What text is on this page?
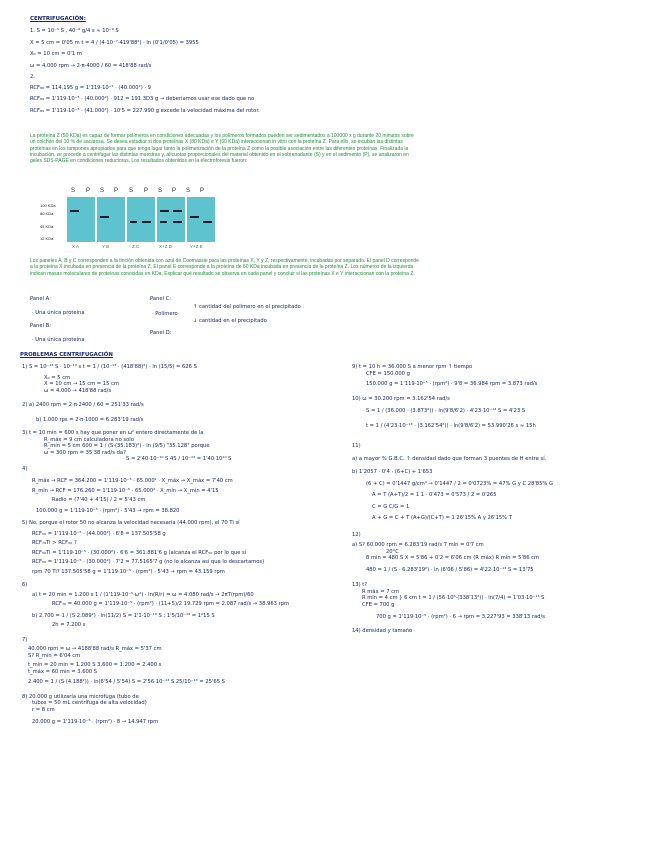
CENTRIFUGACIÓN:
1. S = 10⁻⁵ S , 40⁻⁹ g/4 s ≈ 10⁻⁹ S
X = 5 cm = 0'05 m t = 4 / (4·10⁻⁷·419'88²) · ln (0'1/0'05) = 3955
X₀ = 10 cm = 0'1 m
ω = 4.000 rpm → 2·π·4000 / 60 = 418'88 rad/s
2.
RCF₈₀ = 114,195 g = 1'119·10⁻⁵ · (40.000²) · 9
RCF₈₀ = 1'119·10⁻⁵ · (40.000²) · 912 = 191.3D3 g → deberíamos usar ese dado que no
RCF₈₀ = 1'119·10⁻⁵ · (41.000²) · 10'5 = 227.990 g excede la velocidad máxima del rotor.
La proteína Z (50 KDa) es capaz de formar polímeros en condiciones adecuadas y los polímeros formados pueden ser sedimentados a 100000 x g durante 20 minutos sobre un colchón del 10 % de sacarosa. Se desea estudiar si dos proteínas X (80 KDa) e Y (60 KDa) interaccionan in vitro con la proteína Z. Para ello, se incuban las distintas proteínas en los tampones apropiados para que tenga lugar tanto la polimerización de la proteína Z como la posible asociación entre las diferentes proteínas. Finalizada la incubación, se procede a centrifugar las distintas muestras y, alícuotas proporcionales del material obtenido en el sobrenadante (S) y en el sedimento (P), se analizaron en geles SDS-PAGE en condiciones reductoras. Los resultados obtenidos en la electroforesis fueron:
S P S P S P S P S P
100 KDa
80 KDa
45 KDa
12 KDa
X A	Y B	Z C	X+Z D	Y+Z E
Los paneles A, B y C corresponden a la tinción obtenida con azul de Coomassie para las proteínas X, Y y Z, respectivamente, incubadas por separado. El panel D corresponde a la proteína X incubada en presencia de la proteína Z. El panel E corresponde a la proteína de 60 KDa incubada en presencia de la proteína Z. Los números de la izquierda indican masas moleculares de proteínas conocidas en KDa. Explicar qué resultado se observa en cada panel y concluir si las proteínas X e Y interaccionan con la proteína Z.
Panel A:
· Una única proteína
Panel B:
· Una única proteína
Panel C:
· Polímero
↑ cantidad del polímero en el precipitado
↓ cantidad en el precipitado
Panel D:
PROBLEMAS CENTRIFUGACIÓN
1) S = 10⁻¹³ S · 10⁻¹³ s t = 1 / (10⁻¹³ · (418'88)²) · ln (15/5) = 626 S
X₀ = 5 cm
X = 10 cm → 15 cm = 15 cm
ω = 4.000 → 418'88 rad/s
2) a) 2400 rpm = 2·π·2400 / 60 = 251'33 rad/s
b) 1.000 rps = 2·π·1000 = 6.283'19 rad/s
3) t = 10 min = 600 s hay que poner en ω² entero directamente de la
R_máx = 9 cm calculadora no solo
R_mín = 5 cm 600 = 1 / (S·(35.183)²) · ln (9/5) "35.128" porque
ω = 300 rpm = 35'38 rad/s da?
S = 2'40·10⁻¹⁰ S 4S / 10⁻¹³ = 1'40·10¹⁰ S
4)
R_máx → RCF = 364.200 = 1'119·10⁻⁵ · 65.000² · X_máx → X_máx = 7'40 cm
R_mín → RCF = 176.260 = 1'119·10⁻⁵ · 65.000² · X_mín → X_mín = 4'15
Radio = (7'40 + 4'15) / 2 = 5'43 cm
100.000 g = 1'119·10⁻⁵ · (rpm²) · 5'43 → rpm = 38.820
5) No, porque el rotor 50 no alcanza la velocidad necesaria (44.000 rpm), el 70 Ti sí
RCF₅₀ = 1'119·10⁻⁵ · (44.000²) · 6'8 = 137.505'58 g
RCF₇₀Ti > RCF₅₀ ?
RCF₅₀Ti = 1'119·10⁻⁵ · (30.000²) · 6'6 = 361.881'6 g (alcanza el RCF₅₀ por lo que sí
RCF₅₀ = 1'119·10⁻⁵ · (30.000²) · 7'2 = 77.5165'7 g (no lo alcanza así que lo descartamos)
rpm 70 Ti? 137.505'58 g = 1'119·10⁻⁵ · (rpm²) · 5'43 → rpm = 43.159 rpm
6)
a) t = 20 min = 1.200 s 1 / (1'119·10⁻⁵·ω²) · ln(R/r) = ω = 4.080 rad/s → 2πT(rpm)/60
RCF₇₀ = 40.000 g = 1'119·10⁻⁵ · (rpm²) · (11+5)/2 19.729 rpm = 2.087 rad/s → 38.963 rpm
b) 2.700 = 1 / (S·2.089²) · ln(11/2) S = 1'1·10⁻¹³ S ; 1'5/10⁻¹³ = 1⁶15 S
2h = 7.200 s
7)
40.000 rpm = ω → 4188'88 rad/s R_máx = 5'37 cm
S? R_mín = 6'04 cm
t_mín = 20 min = 1.200 S 3.600 = 1.200 = 2.400 s
t_máx = 60 min = 3.600 S
2.400 = 1 / (S·(4.188²)) · ln(6'54 / 5'54) S = 2'56·10⁻¹³ S 25/10⁻¹³ = 25'65 S
8) 20.000 g utilizaría una microfuga (tubo de
tubos = 50 mL centrífuga de alta velocidad)
r = 8 cm
20.000 g = 1'119·10⁻⁵ · (rpm²) · 8 → 14.947 rpm
9) t = 10 h = 36.000 S a menor rpm ↑ tiempo
CFE = 150.000 g
150.000 g = 1'119·10⁻⁵ · (rpm²) · 9'8 = 36.984 rpm = 3.873 rad/s
10) ω = 30.200 rpm = 3.162'54 rad/s
S = 1 / (36.000 · (3.873²)) · ln(9'8/6'2) · 4'23·10⁻¹³ S = 4'23 S
t = 1 / (4'23·10⁻¹³ · (3.162'54²)) · ln(9'8/6'2) = 53.990'26 s ≈ 15h
11)
a) a mayor % G.B.C. ↑ densidad dado que forman 3 puentes de H entre sí.
b) 1'2057 · 0'4 · (6+C) + 1'653
(6 + C) = 0'1447 g/cm³ → 0'1447 / 2 = 0'0723% = 47% G y C 28'85% G
A = T (A+T)/2 = 1 1 · 0'473 = 0'573 / 2 = 0'265
C = G C/G = 1
A + G = C + T (A+G)/(C+T) = 1 26'15% A y 26'15% T
12)
a) S? 60.000 rpm = 6.283'19 rad/s 7 min = 0'7 cm
20°C
8 min = 480 S X = 5'86 + 0'2 = 6'06 cm (R máx) R mín = 5'86 cm
480 = 1 / (S · 6.283'19²) · ln (6'06 / 5'86) = 4'22·10⁻¹³ S = 13'75
13) t?
R máx = 7 cm
R mín = 4 cm } 6 cm t = 1 / (56·10⁶·(338'13²)) · ln(7/4) = 1'03·10⁻¹³ S
CFE = 700 g
700 g = 1'119·10⁻⁵ · (rpm²) · 6 → rpm = 3.227'93 = 338'13 rad/s
14) densidad y tamaño
